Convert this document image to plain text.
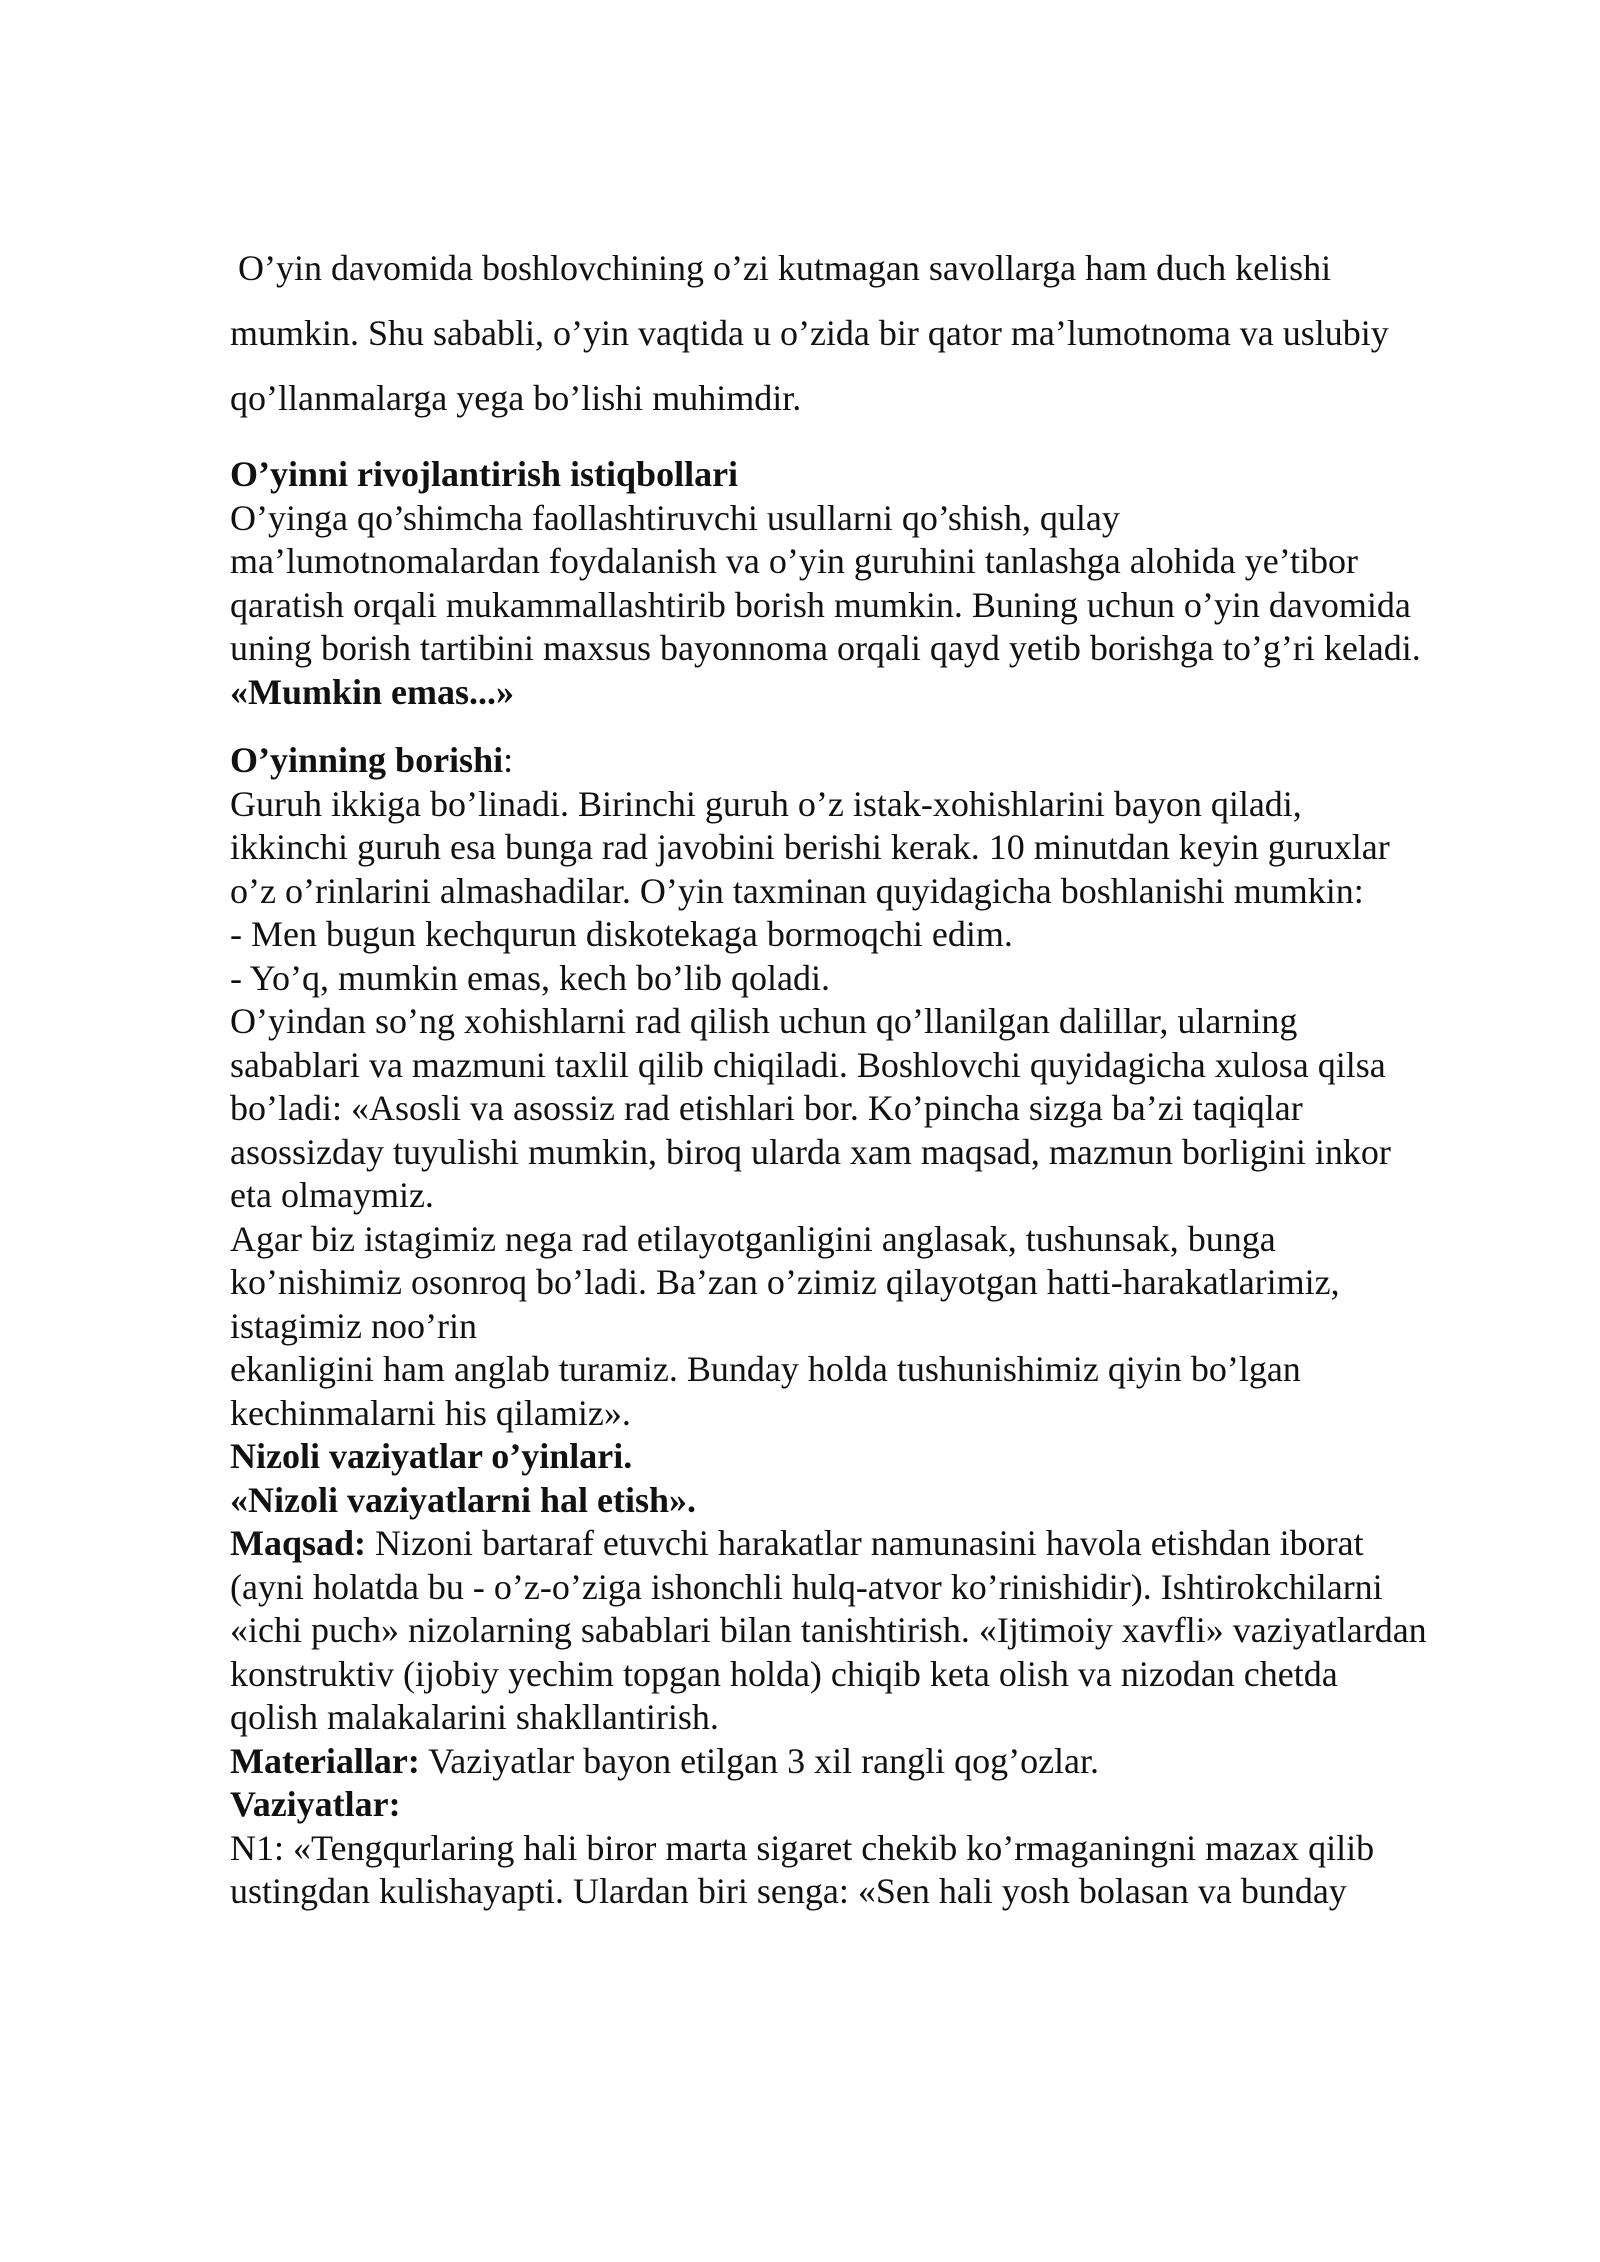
O’yin davomida boshlovchining o’zi kutmagan savollarga ham duch kelishi

mumkin. Shu sababli, o’yin vaqtida u o’zida bir qator ma’lumotnoma va uslubiy

qo’llanmalarga yega bo’lishi muhimdir.

O’yinni rivojlantirish istiqbollari
O’yinga qo’shimcha faollashtiruvchi usullarni qo’shish, qulay
ma’lumotnomalardan foydalanish va o’yin guruhini tanlashga alohida ye’tibor
qaratish orqali mukammallashtirib borish mumkin. Buning uchun o’yin davomida
uning borish tartibini maxsus bayonnoma orqali qayd yetib borishga to’g’ri keladi.
«Mumkin emas...»
O’yinning borishi:
Guruh ikkiga bo’linadi. Birinchi guruh o’z istak-xohishlarini bayon qiladi,
ikkinchi guruh esa bunga rad javobini berishi kerak. 10 minutdan keyin guruxlar
o’z o’rinlarini almashadilar. O’yin taxminan quyidagicha boshlanishi mumkin:
- Men bugun kechqurun diskotekaga bormoqchi edim.
- Yo’q, mumkin emas, kech bo’lib qoladi.
O’yindan so’ng xohishlarni rad qilish uchun qo’llanilgan dalillar, ularning
sabablari va mazmuni taxlil qilib chiqiladi. Boshlovchi quyidagicha xulosa qilsa
bo’ladi: «Asosli va asossiz rad etishlari bor. Ko’pincha sizga ba’zi taqiqlar
asossizday tuyulishi mumkin, biroq ularda xam maqsad, mazmun borligini inkor
eta olmaymiz.
Agar biz istagimiz nega rad etilayotganligini anglasak, tushunsak, bunga
ko’nishimiz osonroq bo’ladi. Ba’zan o’zimiz qilayotgan hatti-harakatlarimiz,
istagimiz noo’rin
ekanligini ham anglab turamiz. Bunday holda tushunishimiz qiyin bo’lgan
kechinmalarni his qilamiz».
Nizoli vaziyatlar o’yinlari.
«Nizoli vaziyatlarni hal etish».
Maqsad: Nizoni bartaraf etuvchi harakatlar namunasini havola etishdan iborat
(ayni holatda bu - o’z-o’ziga ishonchli hulq-atvor ko’rinishidir). Ishtirokchilarni
«ichi puch» nizolarning sabablari bilan tanishtirish. «Ijtimoiy xavfli» vaziyatlardan
konstruktiv (ijobiy yechim topgan holda) chiqib keta olish va nizodan chetda
qolish malakalarini shakllantirish.
Materiallar: Vaziyatlar bayon etilgan 3 xil rangli qog’ozlar.
Vaziyatlar:
N1: «Tengqurlaring hali biror marta sigaret chekib ko’rmaganingni mazax qilib
ustingdan kulishayapti. Ulardan biri senga: «Sen hali yosh bolasan va bunday
